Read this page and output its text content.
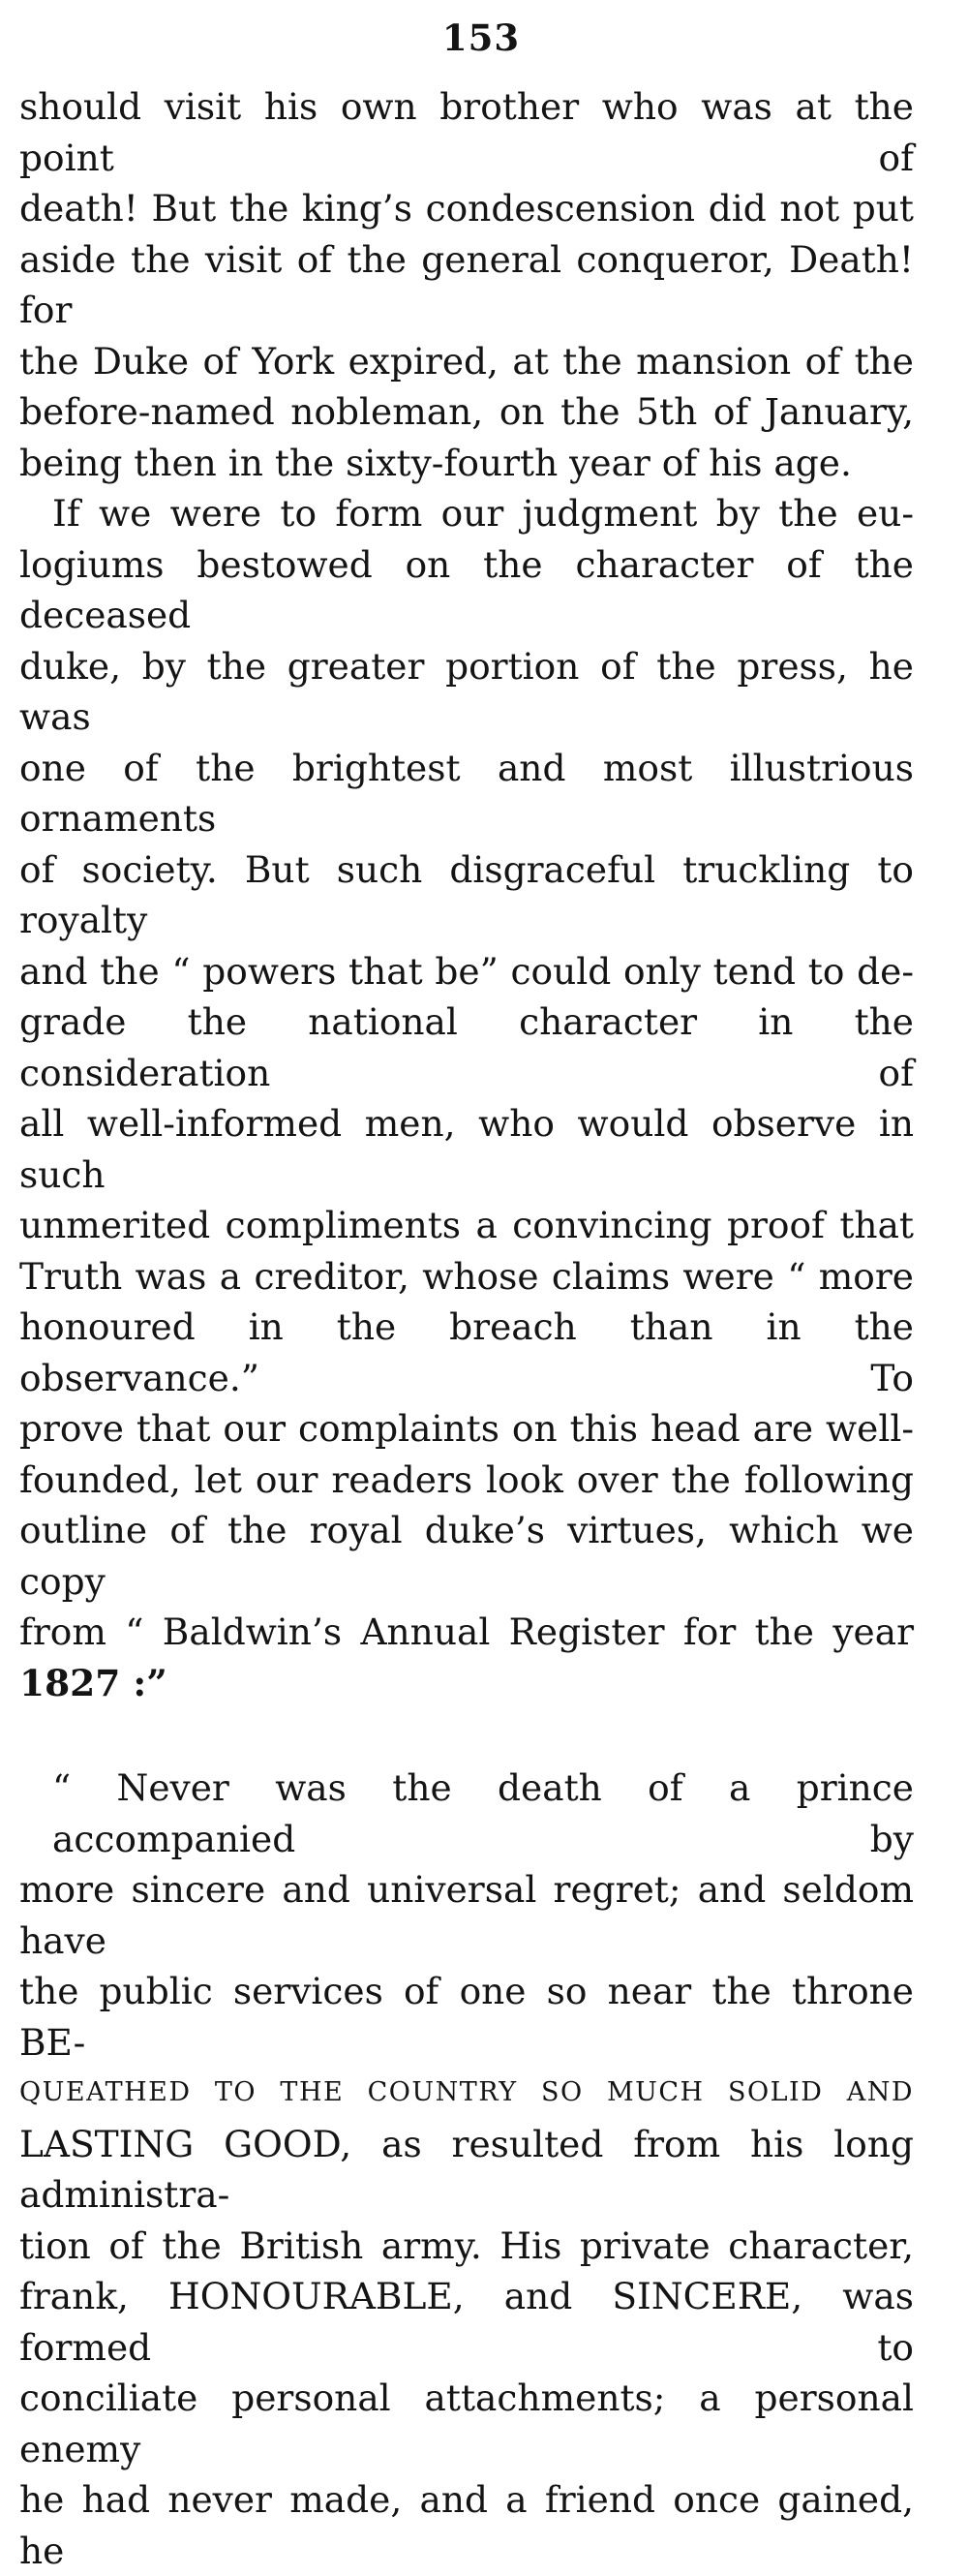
153
should visit his own brother who was at the point of
death! But the king’s condescension did not put
aside the visit of the general conqueror, Death! for
the Duke of York expired, at the mansion of the
before-named nobleman, on the 5th of January,
being then in the sixty-fourth year of his age.
If we were to form our judgment by the eu-
logiums bestowed on the character of the deceased
duke, by the greater portion of the press, he was
one of the brightest and most illustrious ornaments
of society. But such disgraceful truckling to royalty
and the “ powers that be” could only tend to de-
grade the national character in the consideration of
all well-informed men, who would observe in such
unmerited compliments a convincing proof that
Truth was a creditor, whose claims were “ more
honoured in the breach than in the observance.” To
prove that our complaints on this head are well-
founded, let our readers look over the following
outline of the royal duke’s virtues, which we copy
from “ Baldwin’s Annual Register for the year
1827 :”
“ Never was the death of a prince accompanied by
more sincere and universal regret; and seldom have
the public services of one so near the throne BE-
QUEATHED TO THE COUNTRY SO MUCH SOLID AND
LASTING GOOD, as resulted from his long administra-
tion of the British army. His private character,
frank, HONOURABLE, and SINCERE, was formed to
conciliate personal attachments; a personal enemy
he had never made, and a friend once gained, he
